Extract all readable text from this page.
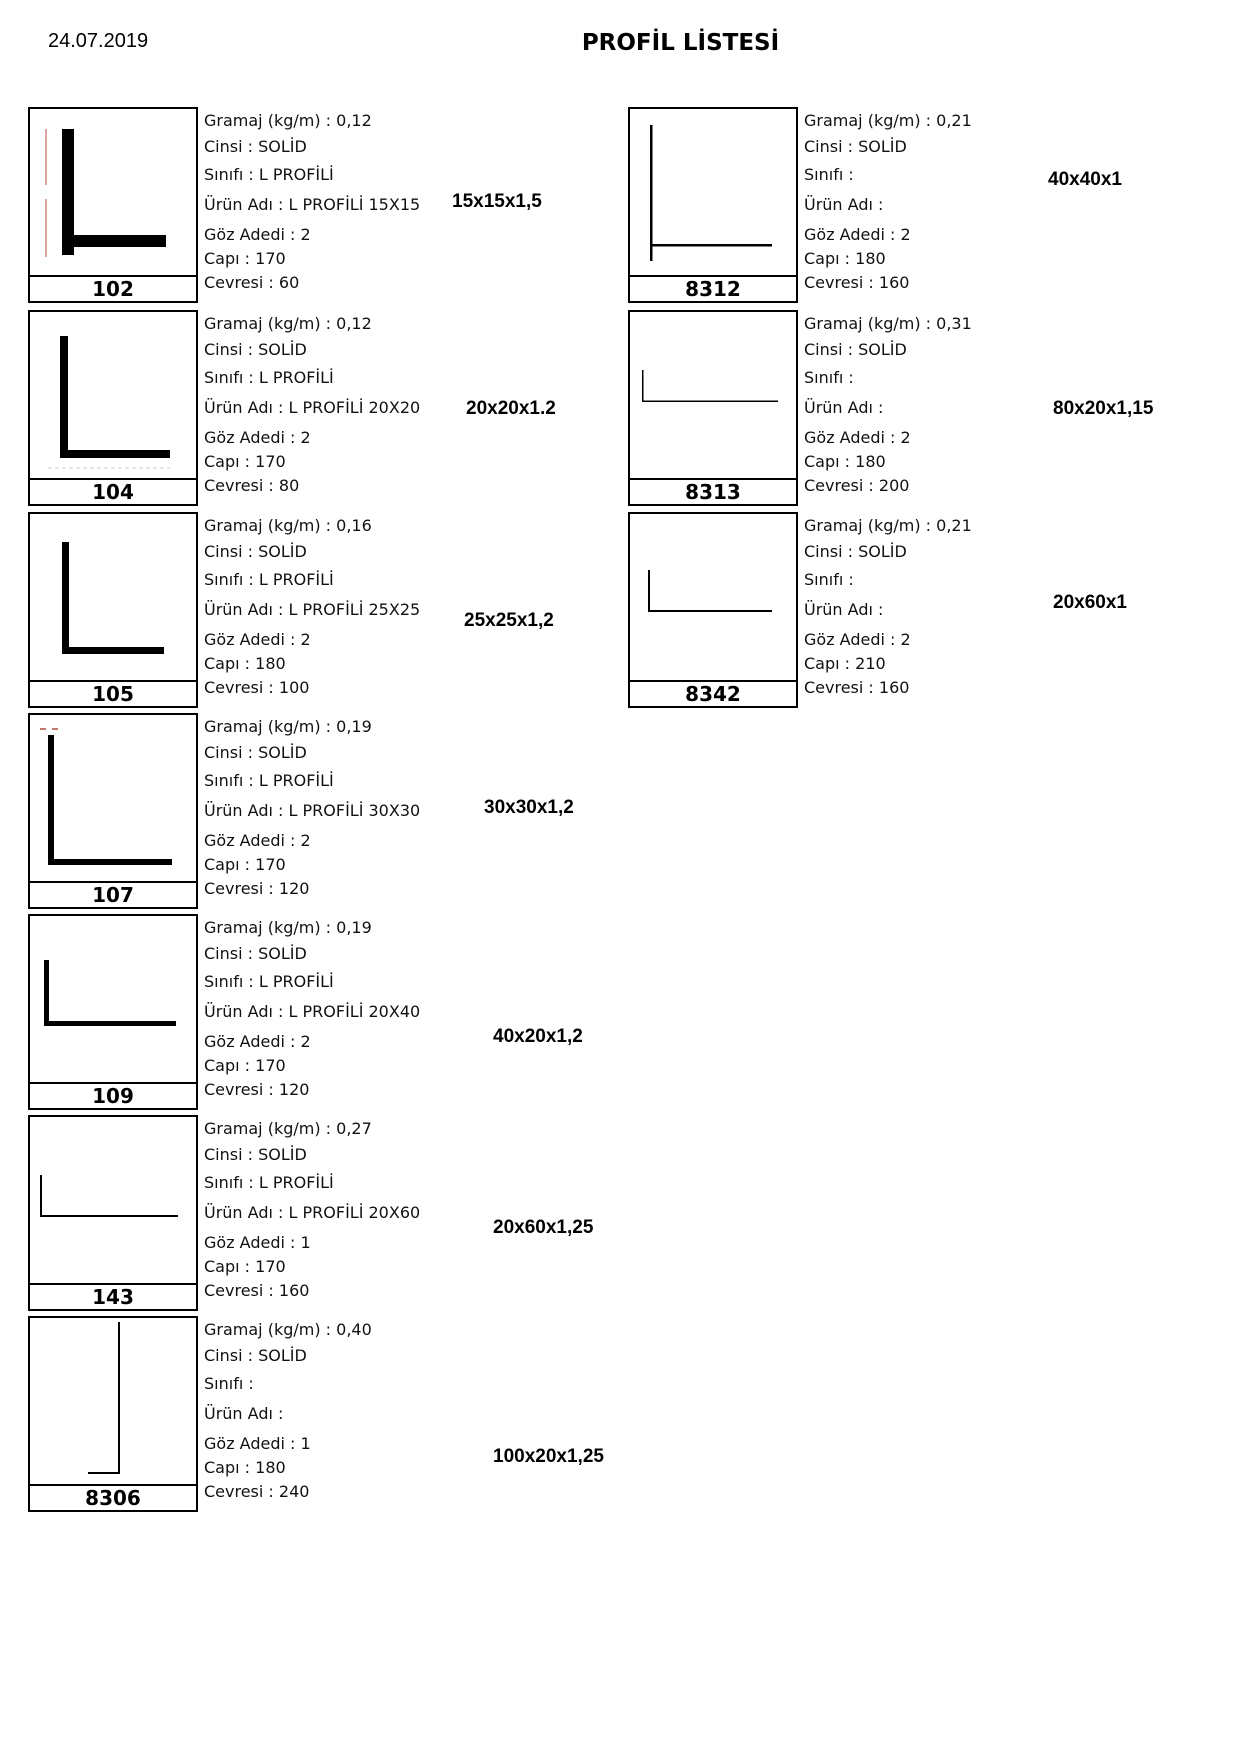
24.07.2019	PROFİL LİSTESİ
102
Gramaj (kg/m) : 0,12
Cinsi : SOLİD
Sınıfı : L PROFİLİ
Ürün Adı : L PROFİLİ 15X15
Göz Adedi : 2
Capı : 170
Cevresi : 60
15x15x1,5
104
Gramaj (kg/m) : 0,12
Cinsi : SOLİD
Sınıfı : L PROFİLİ
Ürün Adı : L PROFİLİ 20X20
Göz Adedi : 2
Capı : 170
Cevresi : 80
20x20x1.2
105
Gramaj (kg/m) : 0,16
Cinsi : SOLİD
Sınıfı : L PROFİLİ
Ürün Adı : L PROFİLİ 25X25
Göz Adedi : 2
Capı : 180
Cevresi : 100
25x25x1,2
107
Gramaj (kg/m) : 0,19
Cinsi : SOLİD
Sınıfı : L PROFİLİ
Ürün Adı : L PROFİLİ 30X30
Göz Adedi : 2
Capı : 170
Cevresi : 120
30x30x1,2
109
Gramaj (kg/m) : 0,19
Cinsi : SOLİD
Sınıfı : L PROFİLİ
Ürün Adı : L PROFİLİ 20X40
Göz Adedi : 2
Capı : 170
Cevresi : 120
40x20x1,2
143
Gramaj (kg/m) : 0,27
Cinsi : SOLİD
Sınıfı : L PROFİLİ
Ürün Adı : L PROFİLİ 20X60
Göz Adedi : 1
Capı : 170
Cevresi : 160
20x60x1,25
8306
Gramaj (kg/m) : 0,40
Cinsi : SOLİD
Sınıfı :
Ürün Adı :
Göz Adedi : 1
Capı : 180
Cevresi : 240
100x20x1,25
8312
Gramaj (kg/m) : 0,21
Cinsi : SOLİD
Sınıfı :
Ürün Adı :
Göz Adedi : 2
Capı : 180
Cevresi : 160
40x40x1
8313
Gramaj (kg/m) : 0,31
Cinsi : SOLİD
Sınıfı :
Ürün Adı :
Göz Adedi : 2
Capı : 180
Cevresi : 200
80x20x1,15
8342
Gramaj (kg/m) : 0,21
Cinsi : SOLİD
Sınıfı :
Ürün Adı :
Göz Adedi : 2
Capı : 210
Cevresi : 160
20x60x1
